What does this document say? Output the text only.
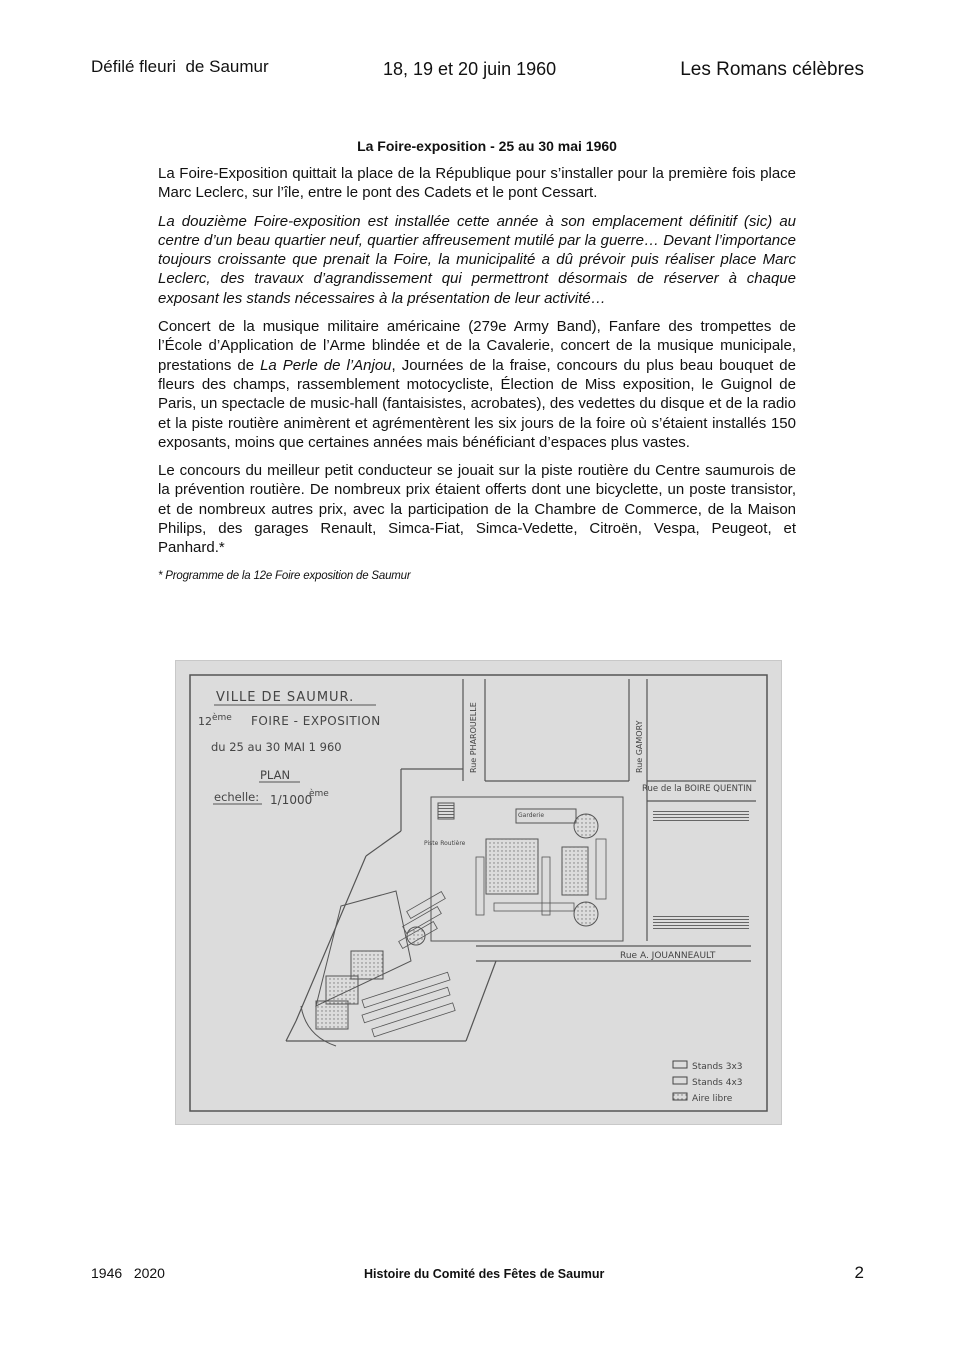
Défilé fleuri  de Saumur	18, 19 et 20 juin 1960	Les Romans célèbres
La Foire-exposition - 25 au 30 mai 1960

La Foire-Exposition quittait la place de la République pour s’installer pour la première fois place Marc Leclerc, sur l’île, entre le pont des Cadets et le pont Cessart.

La douzième Foire-exposition est installée cette année à son emplacement définitif (sic) au centre d’un beau quartier neuf, quartier affreusement mutilé par la guerre… Devant l’importance toujours croissante que prenait la Foire, la municipalité a dû prévoir puis réaliser place Marc Leclerc, des travaux d’agrandissement qui permettront désormais de réserver à chaque exposant les stands nécessaires à la présentation de leur activité…

Concert de la musique militaire américaine (279e Army Band), Fanfare des trompettes de l’École d’Application de l’Arme blindée et de la Cavalerie, concert de la musique municipale, prestations de La Perle de l’Anjou, Journées de la fraise, concours du plus beau bouquet de fleurs des champs, rassemblement motocycliste, Élection de Miss exposition, le Guignol de Paris, un spectacle de music-hall (fantaisistes, acrobates), des vedettes du disque et de la radio et la piste routière animèrent et agrémentèrent les six jours de la foire où s’étaient installés 150 exposants, moins que certaines années mais bénéficiant d’espaces plus vastes.

Le concours du meilleur petit conducteur se jouait sur la piste routière du Centre saumurois de la prévention routière. De nombreux prix étaient offerts dont une bicyclette, un poste transistor, et de nombreux autres prix, avec la participation de la Chambre de Commerce, de la Maison Philips, des garages Renault, Simca-Fiat, Simca-Vedette, Citroën, Vespa, Peugeot, et Panhard.*

* Programme de la 12e Foire exposition de Saumur

VILLE DE SAUMUR.
12 ème FOIRE - EXPOSITION
du 25 au 30 MAI 1 960
PLAN
echelle: 1/1000
ème
Rue PHAROUELLE	Rue GAMORY
Rue de la BOIRE QUENTIN
Rue A. JOUANNEAULT
Garderie
Piste Routière
Stands 3x3
Stands 4x3
Aire libre
1946   2020	Histoire du Comité des Fêtes de Saumur	2
